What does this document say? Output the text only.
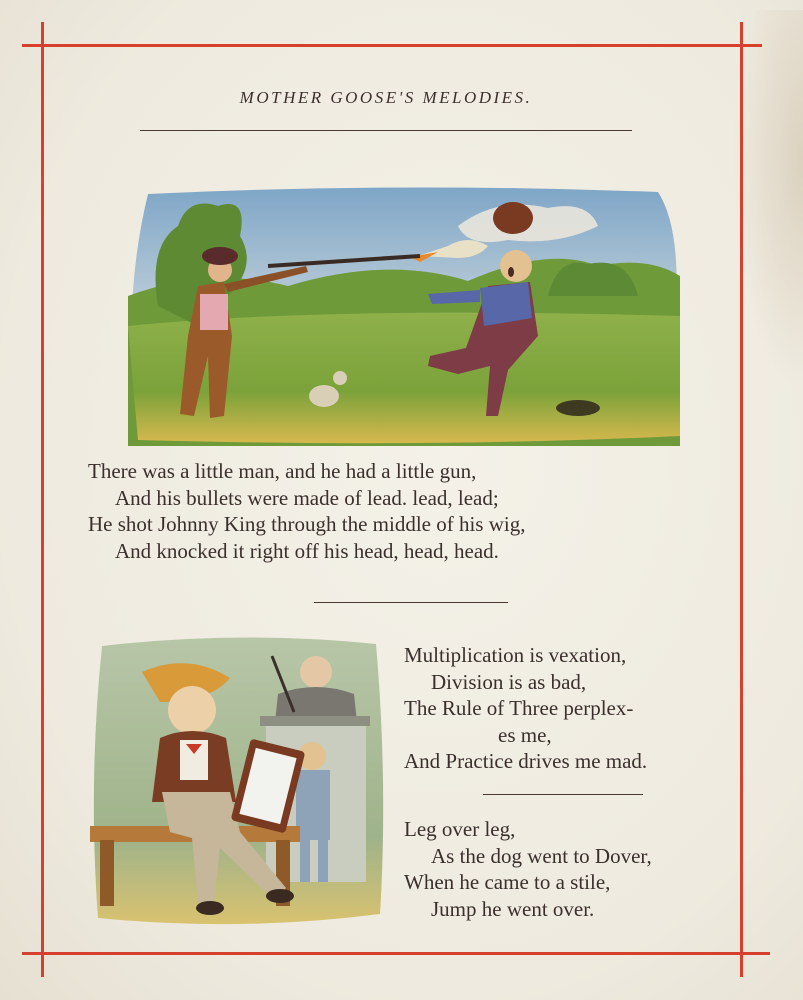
MOTHER GOOSE'S MELODIES.
There was a little man, and he had a little gun,
And his bullets were made of lead. lead, lead;
He shot Johnny King through the middle of his wig,
And knocked it right off his head, head, head.
Multiplication is vexation,
Division is as bad,
The Rule of Three perplex-
es me,
And Practice drives me mad.
Leg over leg,
As the dog went to Dover,
When he came to a stile,
Jump he went over.
